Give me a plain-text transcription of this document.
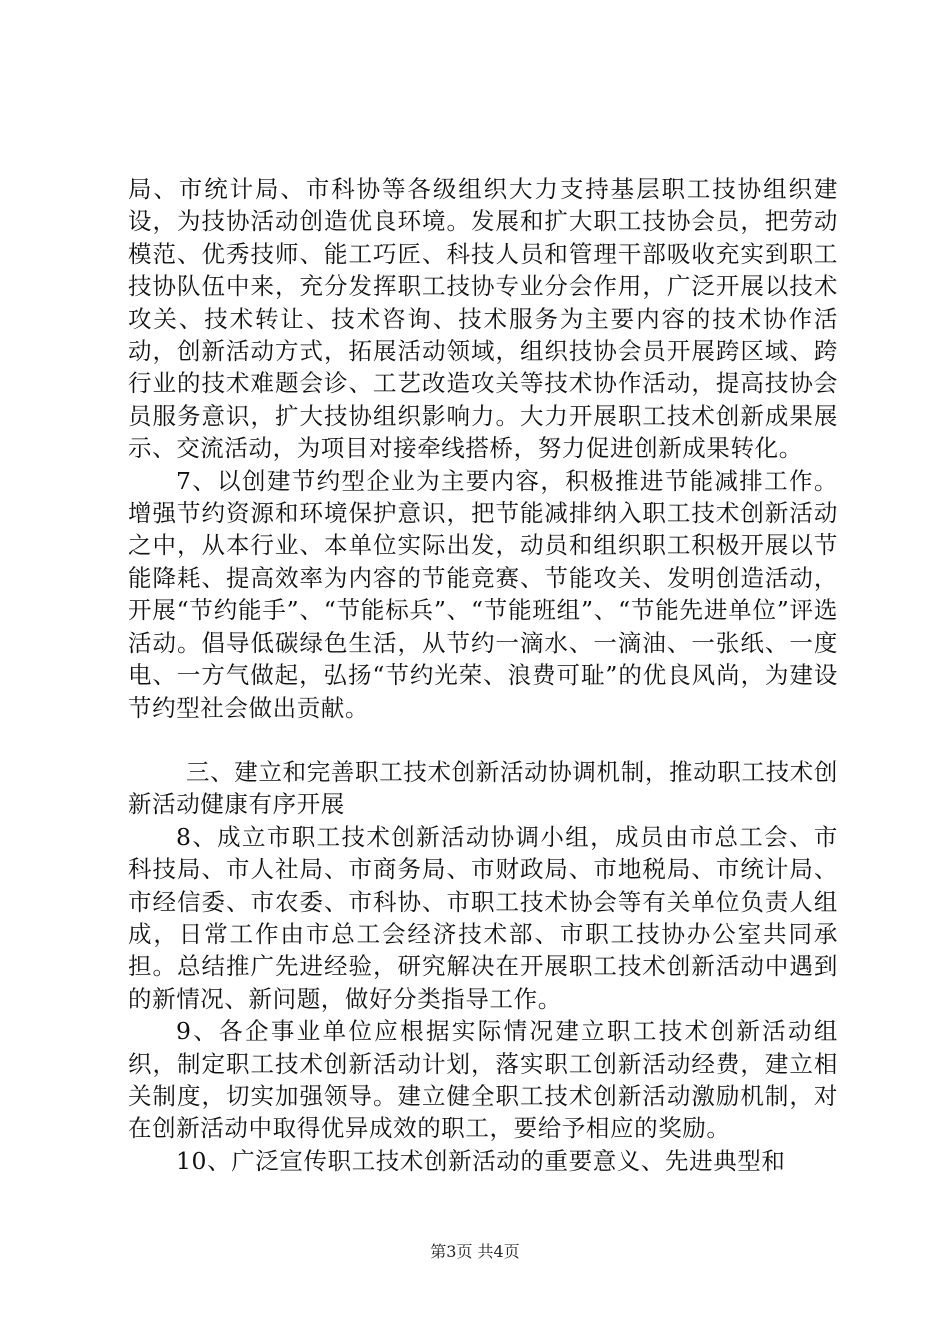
局、市统计局、市科协等各级组织大力支持基层职工技协组织建设，为技协活动创造优良环境。发展和扩大职工技协会员，把劳动模范、优秀技师、能工巧匠、科技人员和管理干部吸收充实到职工技协队伍中来，充分发挥职工技协专业分会作用，广泛开展以技术攻关、技术转让、技术咨询、技术服务为主要内容的技术协作活动，创新活动方式，拓展活动领域，组织技协会员开展跨区域、跨行业的技术难题会诊、工艺改造攻关等技术协作活动，提高技协会员服务意识，扩大技协组织影响力。大力开展职工技术创新成果展示、交流活动，为项目对接牵线搭桥，努力促进创新成果转化。

7、以创建节约型企业为主要内容，积极推进节能减排工作。增强节约资源和环境保护意识，把节能减排纳入职工技术创新活动之中，从本行业、本单位实际出发，动员和组织职工积极开展以节能降耗、提高效率为内容的节能竞赛、节能攻关、发明创造活动，开展“节约能手”、“节能标兵”、“节能班组”、“节能先进单位”评选活动。倡导低碳绿色生活，从节约一滴水、一滴油、一张纸、一度电、一方气做起，弘扬“节约光荣、浪费可耻”的优良风尚，为建设节约型社会做出贡献。

三、建立和完善职工技术创新活动协调机制，推动职工技术创新活动健康有序开展

8、成立市职工技术创新活动协调小组，成员由市总工会、市科技局、市人社局、市商务局、市财政局、市地税局、市统计局、市经信委、市农委、市科协、市职工技术协会等有关单位负责人组成，日常工作由市总工会经济技术部、市职工技协办公室共同承担。总结推广先进经验，研究解决在开展职工技术创新活动中遇到的新情况、新问题，做好分类指导工作。

9、各企事业单位应根据实际情况建立职工技术创新活动组织，制定职工技术创新活动计划，落实职工创新活动经费，建立相关制度，切实加强领导。建立健全职工技术创新活动激励机制，对在创新活动中取得优异成效的职工，要给予相应的奖励。

10、广泛宣传职工技术创新活动的重要意义、先进典型和

第3页 共4页
